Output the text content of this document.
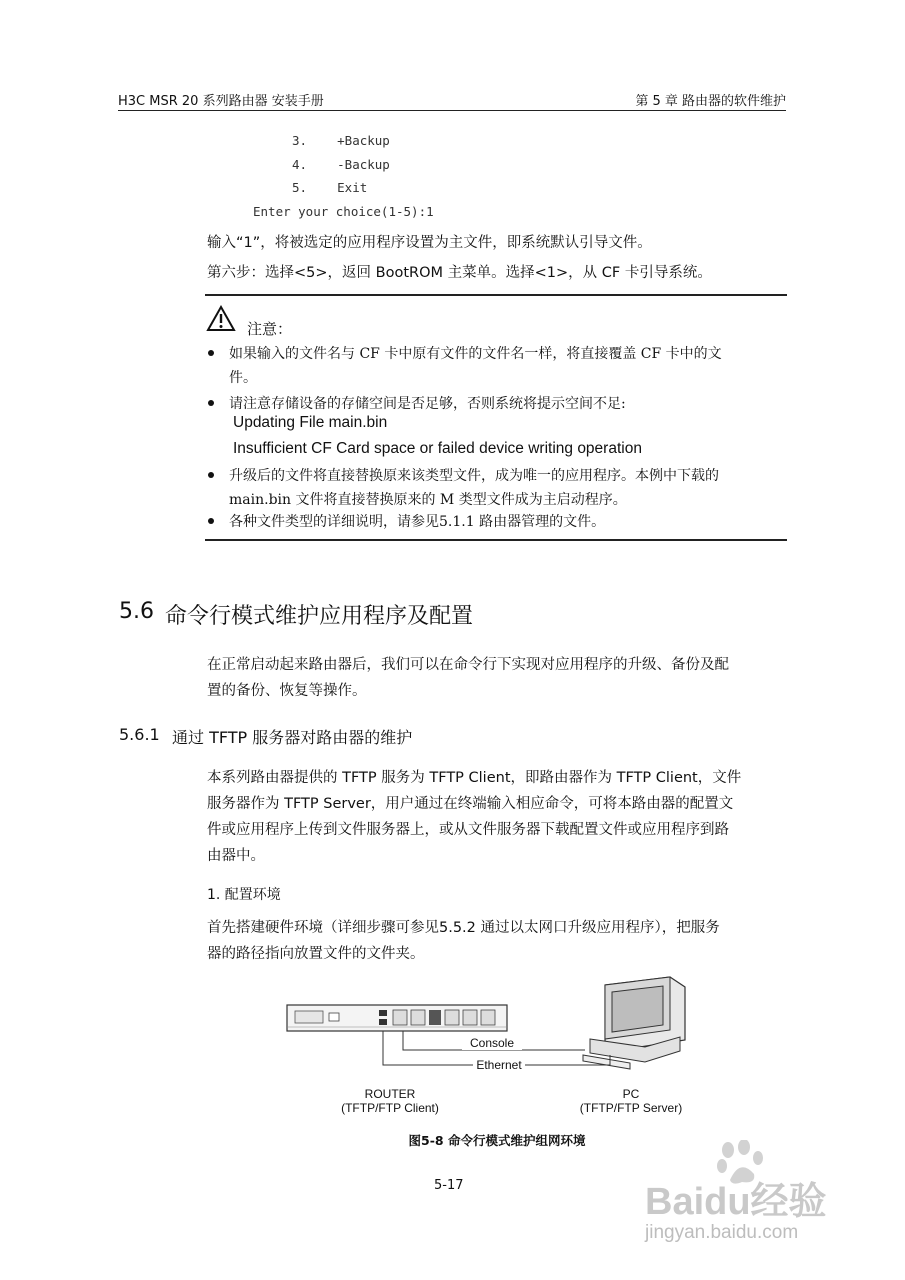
H3C MSR 20 系列路由器 安装手册	第 5 章 路由器的软件维护
3.    +Backup
4.    -Backup
5.    Exit
Enter your choice(1-5):1
输入“1”，将被选定的应用程序设置为主文件，即系统默认引导文件。
第六步：选择<5>，返回 BootROM 主菜单。选择<1>，从 CF 卡引导系统。
注意：
如果输入的文件名与 CF 卡中原有文件的文件名一样，将直接覆盖 CF 卡中的文
件。
请注意存储设备的存储空间是否足够，否则系统将提示空间不足:
Updating File main.bin
Insufficient CF Card space or failed device writing operation
升级后的文件将直接替换原来该类型文件，成为唯一的应用程序。本例中下载的
main.bin 文件将直接替换原来的 M 类型文件成为主启动程序。
各种文件类型的详细说明，请参见5.1.1 路由器管理的文件。
5.6 命令行模式维护应用程序及配置
在正常启动起来路由器后，我们可以在命令行下实现对应用程序的升级、备份及配
置的备份、恢复等操作。
5.6.1 通过 TFTP 服务器对路由器的维护
本系列路由器提供的 TFTP 服务为 TFTP Client，即路由器作为 TFTP Client，文件
服务器作为 TFTP Server，用户通过在终端输入相应命令，可将本路由器的配置文
件或应用程序上传到文件服务器上，或从文件服务器下载配置文件或应用程序到路
由器中。
1. 配置环境
首先搭建硬件环境（详细步骤可参见5.5.2 通过以太网口升级应用程序），把服务
器的路径指向放置文件的文件夹。
Console
Ethernet
ROUTER
(TFTP/FTP Client)
PC
(TFTP/FTP Server)
图5-8 命令行模式维护组网环境
5-17	Baidu经验
jingyan.baidu.com
